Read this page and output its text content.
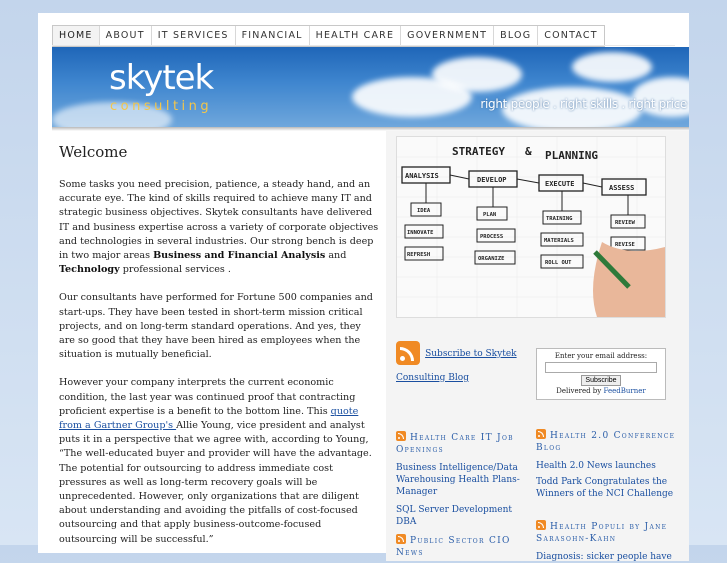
HOME	ABOUT	IT SERVICES	FINANCIAL	HEALTH CARE	GOVERNMENT	BLOG	CONTACT
skytek
consulting	right people . right skills . right price
Welcome

Some tasks you need precision, patience, a steady hand, and an accurate eye. The kind of skills required to achieve many IT and strategic business objectives. Skytek consultants have delivered IT and business expertise across a variety of corporate objectives and technologies in several industries. Our strong bench is deep in two major areas Business and Financial Analysis and Technology professional services .

Our consultants have performed for Fortune 500 companies and start-ups. They have been tested in short-term mission critical projects, and on long-term standard operations. And yes, they are so good that they have been hired as employees when the situation is mutually beneficial.

However your company interprets the current economic condition, the last year was continued proof that contracting proficient expertise is a benefit to the bottom line. This quote from a Gartner Group's Allie Young, vice president and analyst puts it in a perspective that we agree with, according to Young, “The well-educated buyer and provider will have the advantage. The potential for outsourcing to address immediate cost pressures as well as long-term recovery goals will be unprecedented. However, only organizations that are diligent about understanding and avoiding the pitfalls of cost-focused outsourcing and that apply business-outcome-focused outsourcing will be successful.”

STRATEGY & PLANNING
ANALYSIS	DEVELOP	EXECUTE	ASSESS
IDEA
INNOVATE
REFRESH
PLAN
PROCESS
ORGANIZE
TRAINING
MATERIALS
ROLL OUT
REVIEW
REVISE
Subscribe to Skytek Consulting Blog
Enter your email address:
Subscribe
Delivered by FeedBurner
Health Care IT Job Openings
Business Intelligence/Data Warehousing Health Plans- Manager
SQL Server Development DBA
Health 2.0 Conference Blog
Health 2.0 News launches
Todd Park Congratulates the Winners of the NCI Challenge
Public Sector CIO News
Health Populi by Jane Sarasohn-Kahn
Diagnosis: sicker people have
